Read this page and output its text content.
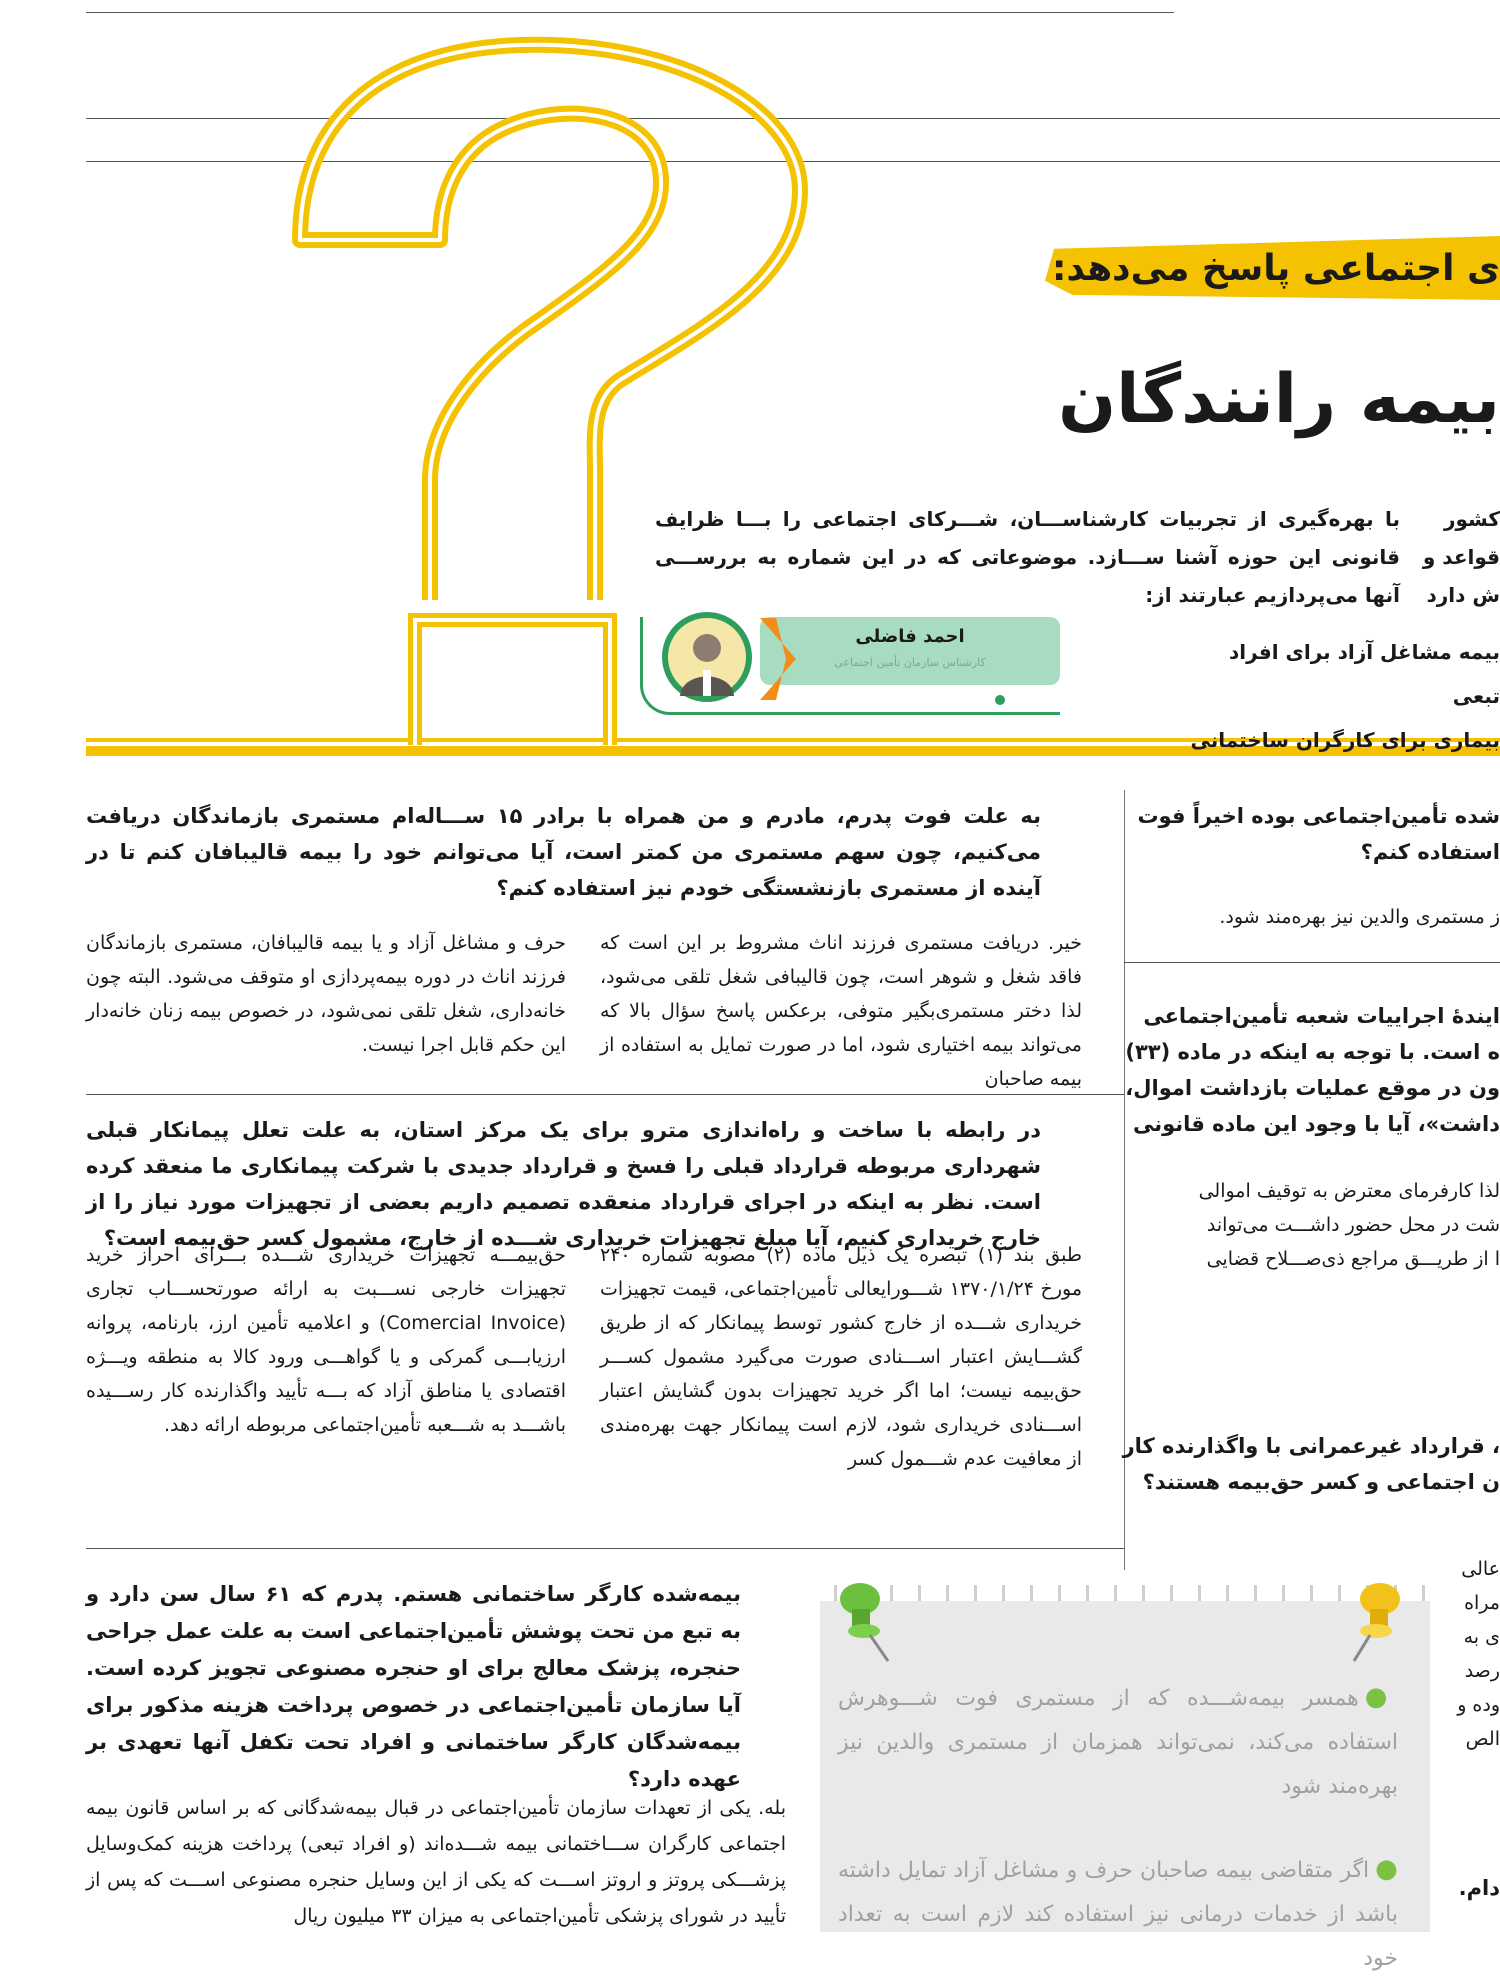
ی اجتماعی پاسخ می‌دهد:
بیمه رانندگان
کشور
قواعد و
ش دارد
با بهره‌گیری از تجربیات کارشناســـان، شـــرکای اجتماعی را بـــا ظرایف قانونی این حوزه آشنا ســـازد. موضوعاتی که در این شماره به بررســـی آنها می‌پردازیم عبارتند از:
بیمه مشاغل آزاد برای افراد تبعی
بیماری برای کارگران ساختمانی
احمد فاضلی
کارشناس سازمان تأمین اجتماعی
به علت فوت پدرم، مادرم و من همراه با برادر ۱۵ ســـاله‌ام مستمری بازماندگان دریافت می‌کنیم، چون سهم مستمری من کمتر است، آیا می‌توانم خود را بیمه قالیبافان کنم تا در آینده از مستمری بازنشستگی خودم نیز استفاده کنم؟
خیر. دریافت مستمری فرزند اناث مشروط بر این است که فاقد شغل و شوهر است، چون قالیبافی شغل تلقی می‌شود، لذا دختر مستمری‌بگیر متوفی، برعکس پاسخ سؤال بالا که می‌تواند بیمه اختیاری شود، اما در صورت تمایل به استفاده از بیمه صاحبان
حرف و مشاغل آزاد و یا بیمه قالیبافان، مستمری بازماندگان فرزند اناث در دوره بیمه‌پردازی او متوقف می‌شود. البته چون خانه‌داری، شغل تلقی نمی‌شود، در خصوص بیمه زنان خانه‌دار این حکم قابل اجرا نیست.
در رابطه با ساخت و راه‌اندازی مترو برای یک مرکز استان، به علت تعلل پیمانکار قبلی شهرداری مربوطه قرارداد قبلی را فسخ و قرارداد جدیدی با شرکت پیمانکاری ما منعقد کرده است. نظر به اینکه در اجرای قرارداد منعقده تصمیم داریم بعضی از تجهیزات مورد نیاز را از خارج خریداری کنیم، آیا مبلغ تجهیزات خریداری شـــده از خارج، مشمول کسر حق‌بیمه است؟
طبق بند (۱) تبصره یک ذیل ماده (۲) مصوبه شماره ۲۴۰ مورخ ۱۳۷۰/۱/۲۴ شـــورایعالی تأمین‌اجتماعی، قیمت تجهیزات خریداری شـــده از خارج کشور توسط پیمانکار که از طریق گشـــایش اعتبار اســـنادی صورت می‌گیرد مشمول کســـر حق‌بیمه نیست؛ اما اگر خرید تجهیزات بدون گشایش اعتبار اســـنادی خریداری شود، لازم است پیمانکار جهت بهره‌مندی از معافیت عدم شـــمول کسر
حق‌بیمـــه تجهیزات خریداری شـــده بـــرای احراز خرید تجهیزات خارجی نســـبت به ارائه صورتحســـاب تجاری (Comercial Invoice) و اعلامیه تأمین ارز، بارنامه، پروانه ارزیابـــی گمرکی و یا گواهـــی ورود کالا به منطقه ویـــژه اقتصادی یا مناطق آزاد که بـــه تأیید واگذارنده کار رســـیده باشـــد به شـــعبه تأمین‌اجتماعی مربوطه ارائه دهد.
بیمه‌شده کارگر ساختمانی هستم. پدرم که ۶۱ سال سن دارد و به تبع من تحت پوشش تأمین‌اجتماعی است به علت عمل جراحی حنجره، پزشک معالج برای او حنجره مصنوعی تجویز کرده است. آیا سازمان تأمین‌اجتماعی در خصوص پرداخت هزینه مذکور برای بیمه‌شدگان کارگر ساختمانی و افراد تحت تکفل آنها تعهدی بر عهده دارد؟
بله. یکی از تعهدات سازمان تأمین‌اجتماعی در قبال بیمه‌شدگانی که بر اساس قانون بیمه اجتماعی کارگران ســـاختمانی بیمه شـــده‌اند (و افراد تبعی) پرداخت هزینه کمک‌وسایل پزشـــکی پروتز و اروتز اســـت که یکی از این وسایل حنجره مصنوعی اســـت که پس از تأیید در شورای پزشکی تأمین‌اجتماعی به میزان ۳۳ میلیون ریال
●همسر بیمه‌شـــده که از مستمری فوت شـــوهرش استفاده می‌کند، نمی‌تواند همزمان از مستمری والدین نیز بهره‌مند شود
●اگر متقاضی بیمه صاحبان حرف و مشاغل آزاد تمایل داشته باشد از خدمات درمانی نیز استفاده کند لازم است به تعداد خود
شده تأمین‌اجتماعی بوده اخیراً فوت
استفاده کنم؟
ز مستمری والدین نیز بهره‌مند شود.
ایندهٔ اجراییات شعبه تأمین‌اجتماعی
ه است. با توجه به اینکه در ماده (۳۳)
ون در موقع عملیات بازداشت اموال،
داشت»، آیا با وجود این ماده قانونی
لذا کارفرمای معترض به توقیف اموالی
شت در محل حضور داشـــت می‌تواند
ا از طریـــق مراجع ذی‌صـــلاح قضایی
، قرارداد غیرعمرانی با واگذارنده کار
ن اجتماعی و کسر حق‌بیمه هستند؟
عالی
مراه
ی به
رصد
وده و
الص
دام.
